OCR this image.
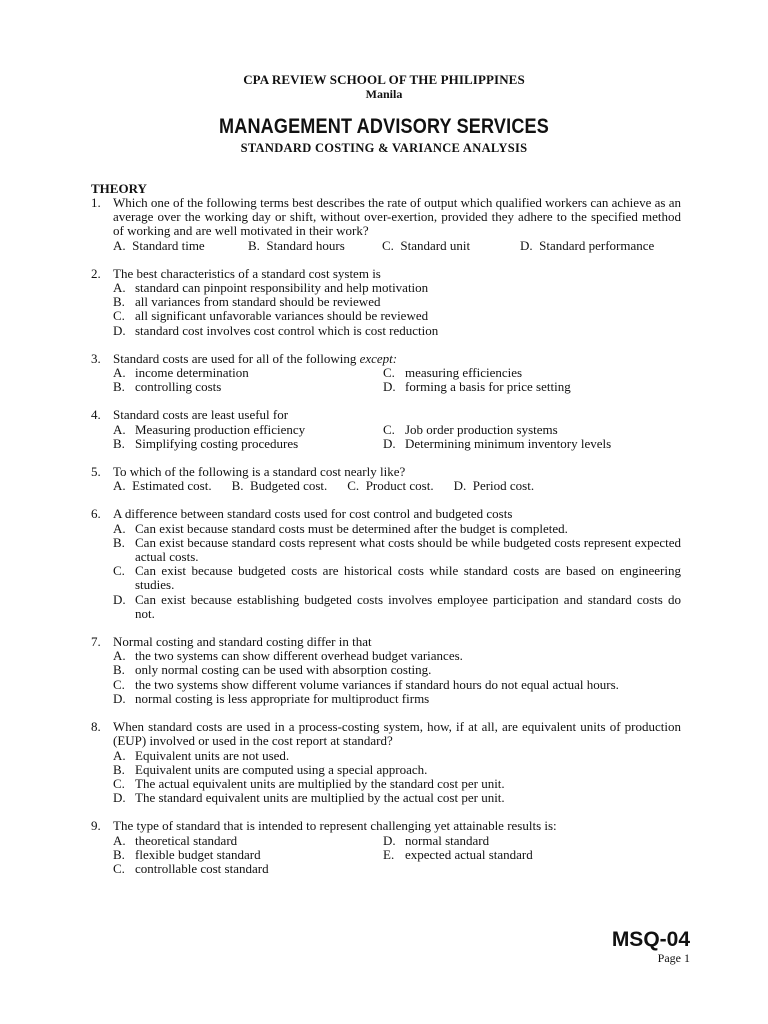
CPA REVIEW SCHOOL OF THE PHILIPPINES
Manila
MANAGEMENT ADVISORY SERVICES
STANDARD COSTING & VARIANCE ANALYSIS
THEORY
1. Which one of the following terms best describes the rate of output which qualified workers can achieve as an average over the working day or shift, without over-exertion, provided they adhere to the specified method of working and are well motivated in their work?
A. Standard time	B. Standard hours	C. Standard unit	D. Standard performance
2. The best characteristics of a standard cost system is
A. standard can pinpoint responsibility and help motivation
B. all variances from standard should be reviewed
C. all significant unfavorable variances should be reviewed
D. standard cost involves cost control which is cost reduction
3. Standard costs are used for all of the following except:
A. income determination	C. measuring efficiencies
B. controlling costs	D. forming a basis for price setting
4. Standard costs are least useful for
A. Measuring production efficiency	C. Job order production systems
B. Simplifying costing procedures	D. Determining minimum inventory levels
5. To which of the following is a standard cost nearly like?
A. Estimated cost. B. Budgeted cost. C. Product cost. D. Period cost.
6. A difference between standard costs used for cost control and budgeted costs
A. Can exist because standard costs must be determined after the budget is completed.
B. Can exist because standard costs represent what costs should be while budgeted costs represent expected actual costs.
C. Can exist because budgeted costs are historical costs while standard costs are based on engineering studies.
D. Can exist because establishing budgeted costs involves employee participation and standard costs do not.
7. Normal costing and standard costing differ in that
A. the two systems can show different overhead budget variances.
B. only normal costing can be used with absorption costing.
C. the two systems show different volume variances if standard hours do not equal actual hours.
D. normal costing is less appropriate for multiproduct firms
8. When standard costs are used in a process-costing system, how, if at all, are equivalent units of production (EUP) involved or used in the cost report at standard?
A. Equivalent units are not used.
B. Equivalent units are computed using a special approach.
C. The actual equivalent units are multiplied by the standard cost per unit.
D. The standard equivalent units are multiplied by the actual cost per unit.
9. The type of standard that is intended to represent challenging yet attainable results is:
A. theoretical standard	D. normal standard
B. flexible budget standard	E. expected actual standard
C. controllable cost standard
MSQ-04
Page 1
